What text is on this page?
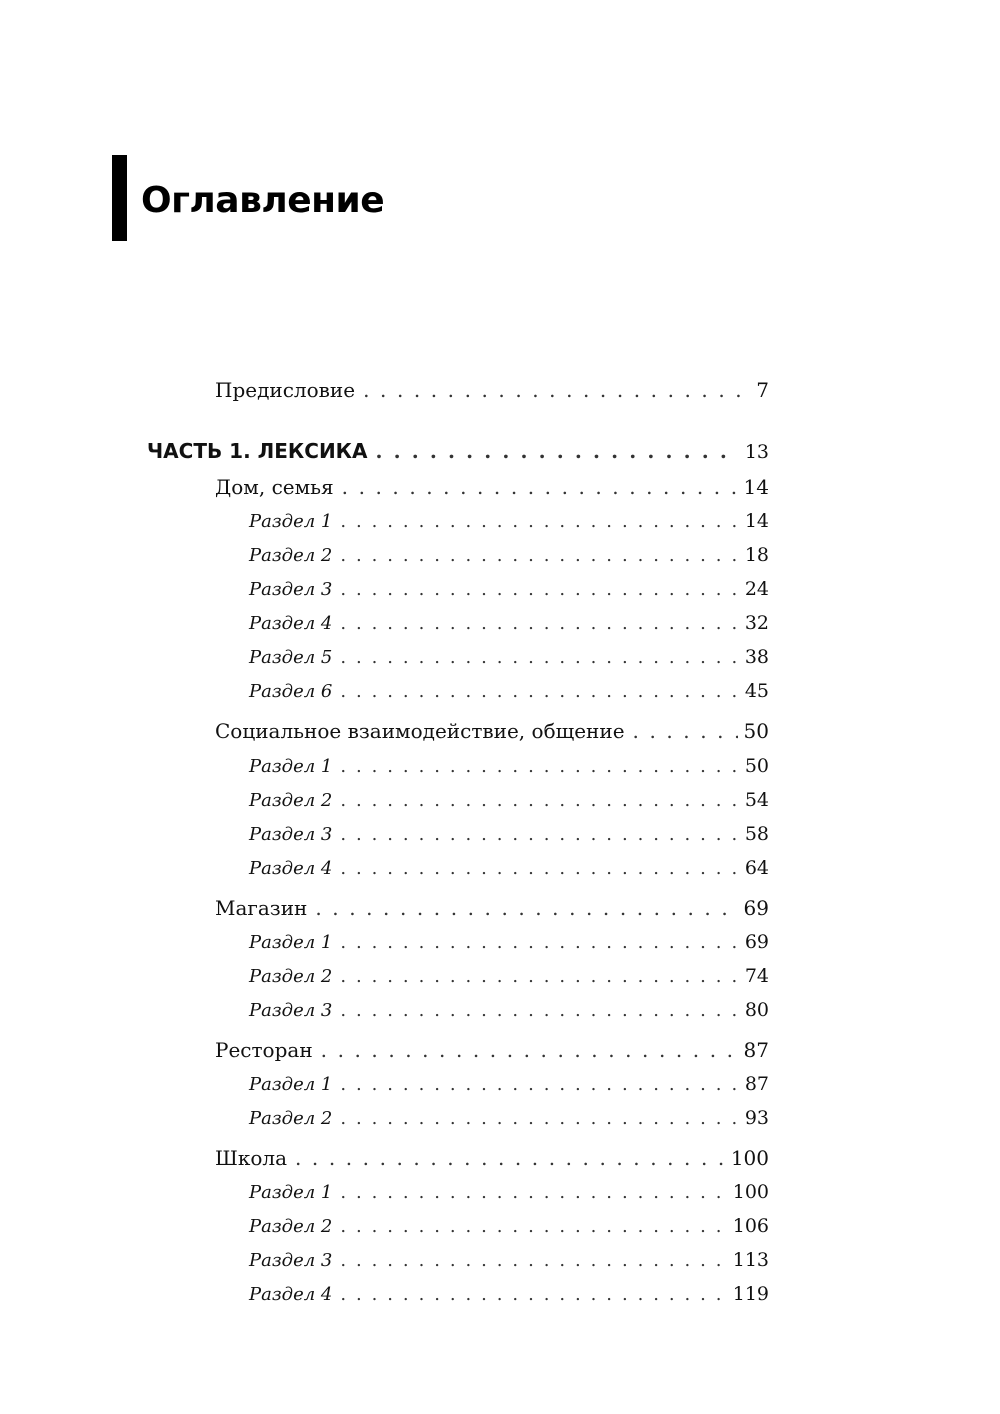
Оглавление
Предисловие . . .	7
ЧАСТЬ 1. ЛЕКСИКА . . .	13
Дом, семья . . .	14
Раздел 1 . . .	14
Раздел 2 . . .	18
Раздел 3 . . .	24
Раздел 4 . . .	32
Раздел 5 . . .	38
Раздел 6 . . .	45
Социальное взаимодействие, общение . . .	50
Раздел 1 . . .	50
Раздел 2 . . .	54
Раздел 3 . . .	58
Раздел 4 . . .	64
Магазин . . .	69
Раздел 1 . . .	69
Раздел 2 . . .	74
Раздел 3 . . .	80
Ресторан . . .	87
Раздел 1 . . .	87
Раздел 2 . . .	93
Школа . . .	100
Раздел 1 . . .	100
Раздел 2 . . .	106
Раздел 3 . . .	113
Раздел 4 . . .	119
